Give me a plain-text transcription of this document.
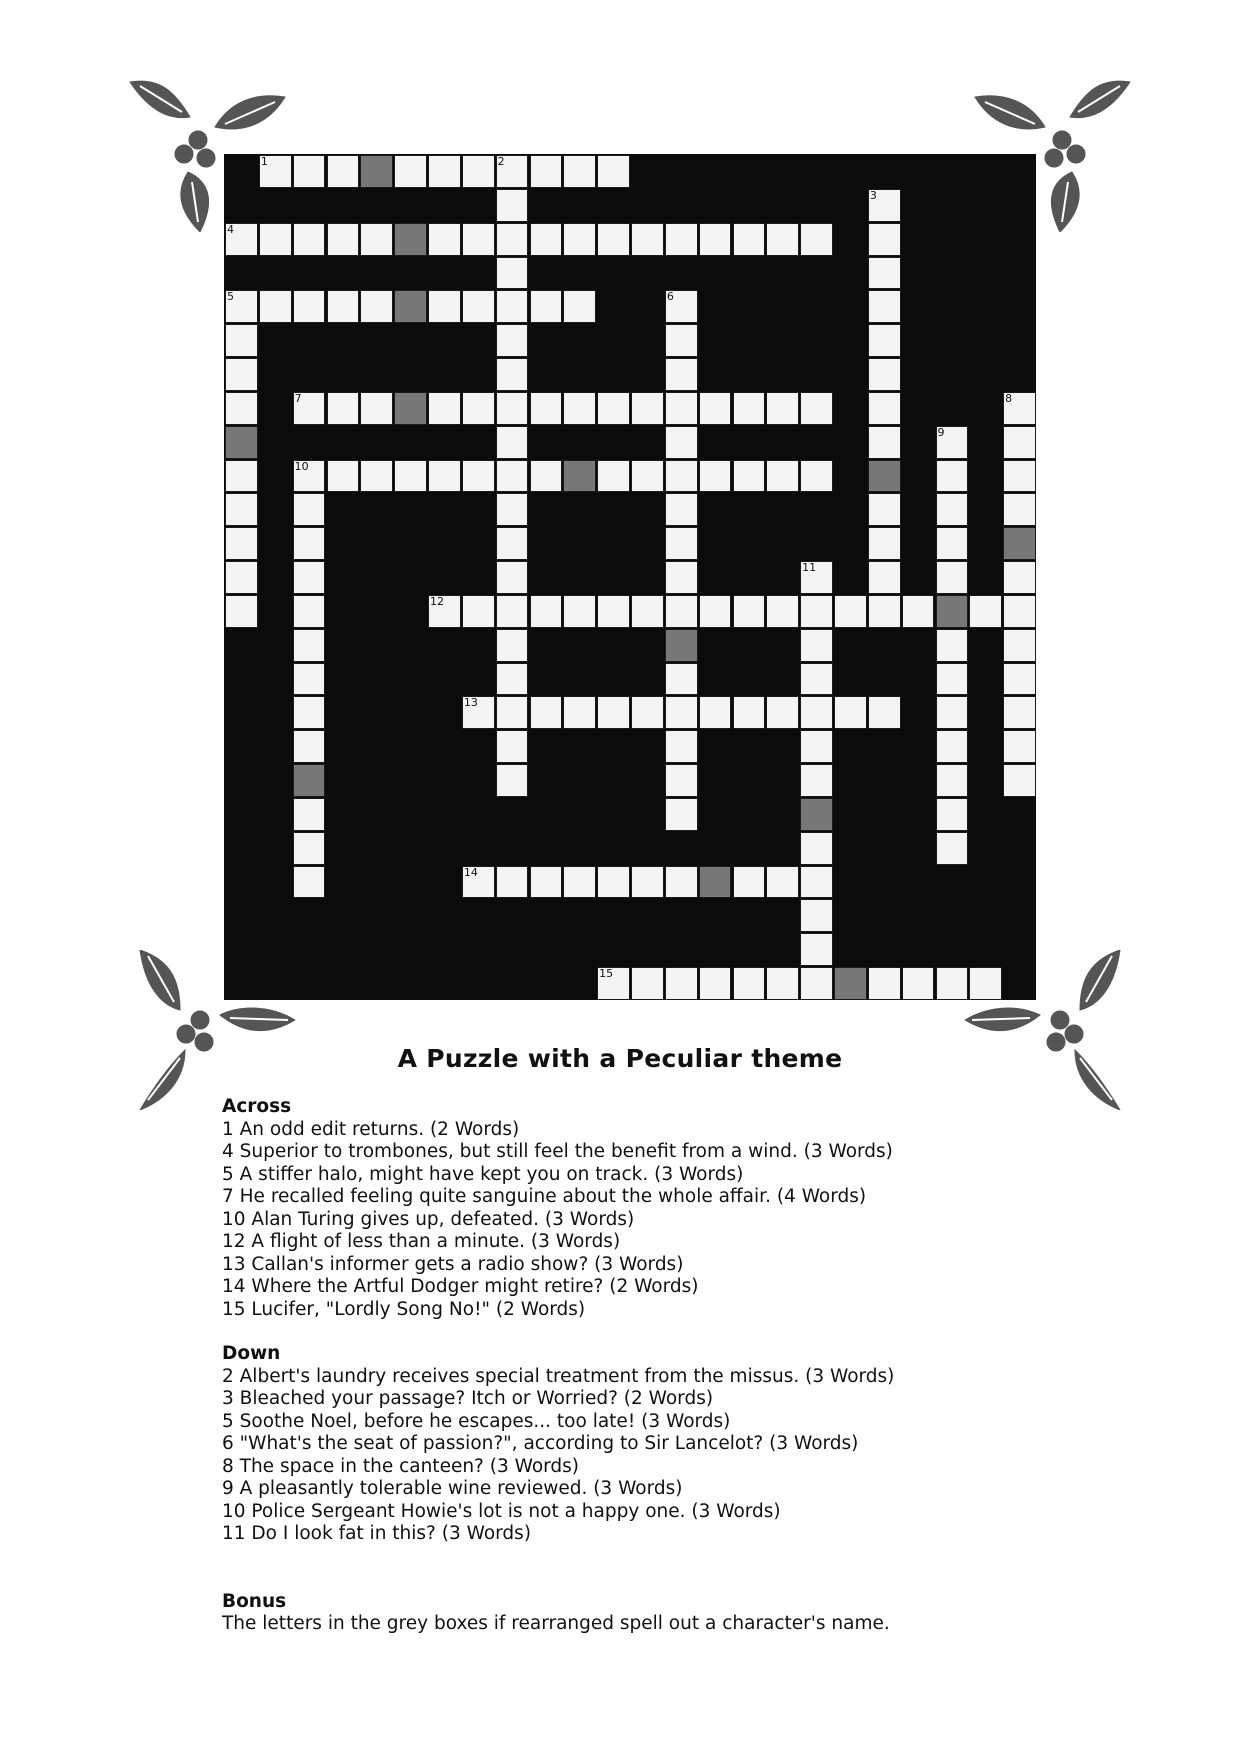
1	2
4
5
7
10
12
13
14
15
3
6
8
9
11
A Puzzle with a Peculiar theme
Across
1 An odd edit returns. (2 Words)
4 Superior to trombones, but still feel the benefit from a wind. (3 Words)
5 A stiffer halo, might have kept you on track. (3 Words)
7 He recalled feeling quite sanguine about the whole affair. (4 Words)
10 Alan Turing gives up, defeated. (3 Words)
12 A flight of less than a minute. (3 Words)
13 Callan's informer gets a radio show? (3 Words)
14 Where the Artful Dodger might retire? (2 Words)
15 Lucifer, "Lordly Song No!" (2 Words)
Down
2 Albert's laundry receives special treatment from the missus. (3 Words)
3 Bleached your passage? Itch or Worried? (2 Words)
5 Soothe Noel, before he escapes... too late! (3 Words)
6 "What's the seat of passion?", according to Sir Lancelot? (3 Words)
8 The space in the canteen? (3 Words)
9 A pleasantly tolerable wine reviewed. (3 Words)
10 Police Sergeant Howie's lot is not a happy one. (3 Words)
11 Do I look fat in this? (3 Words)
Bonus
The letters in the grey boxes if rearranged spell out a character's name.
